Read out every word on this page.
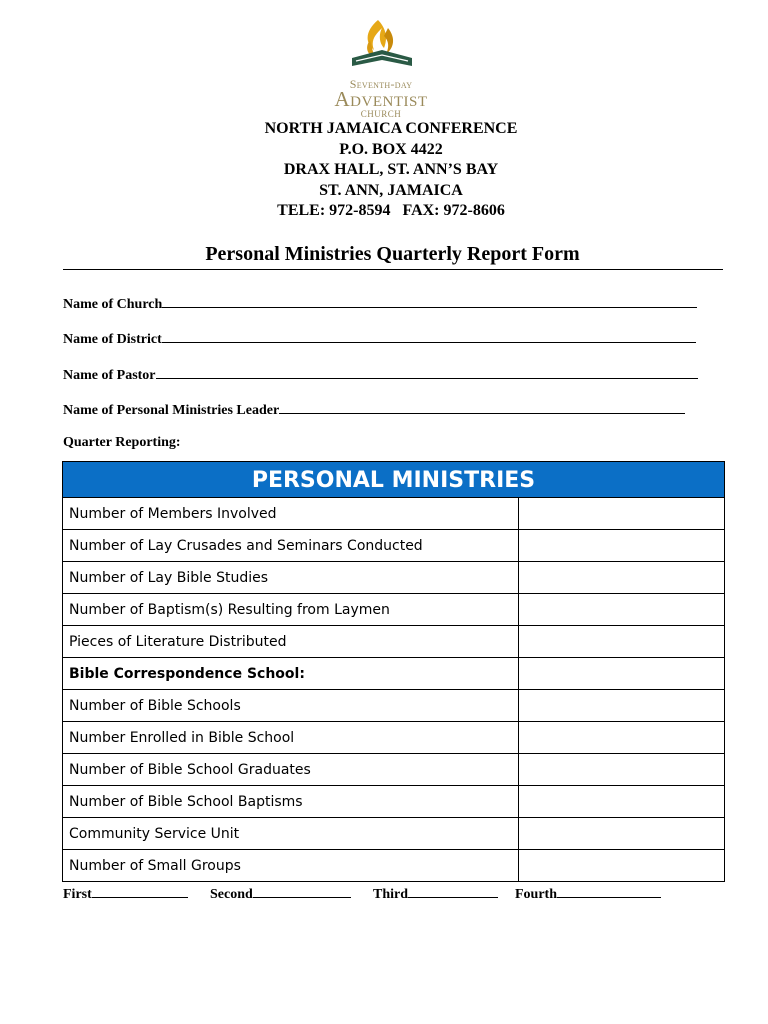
Seventh-day
Adventist
CHURCH
NORTH JAMAICA CONFERENCE
P.O. BOX 4422
DRAX HALL, ST. ANN’S BAY
ST. ANN, JAMAICA
TELE: 972-8594   FAX: 972-8606
Personal Ministries Quarterly Report Form
Name of Church
Name of District
Name of Pastor
Name of Personal Ministries Leader
Quarter Reporting:
PERSONAL MINISTRIES
Number of Members Involved
Number of Lay Crusades and Seminars Conducted
Number of Lay Bible Studies
Number of Baptism(s) Resulting from Laymen
Pieces of Literature Distributed
Bible Correspondence School:
Number of Bible Schools
Number Enrolled in Bible School
Number of Bible School Graduates
Number of Bible School Baptisms
Community Service Unit
Number of Small Groups
First	Second	Third	Fourth
